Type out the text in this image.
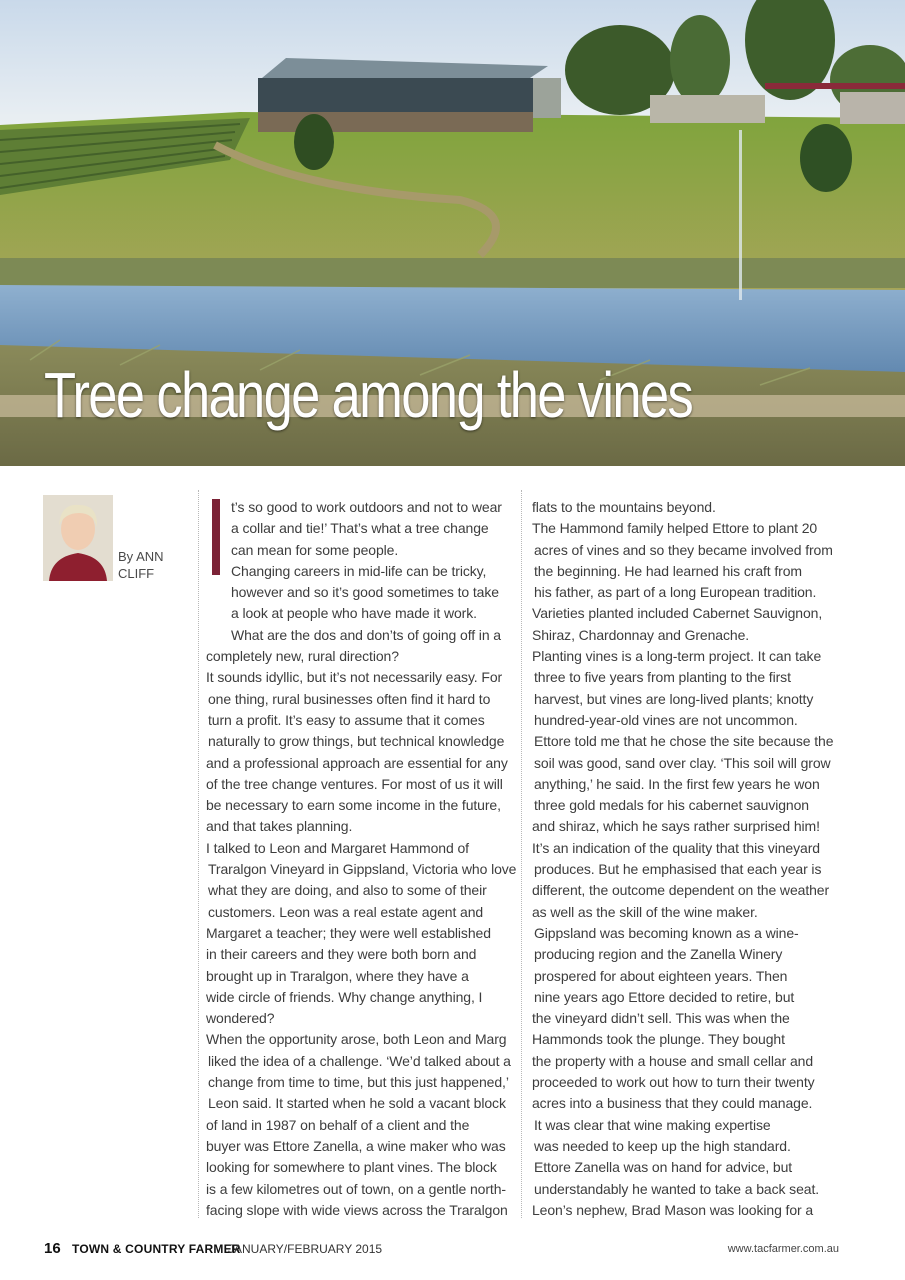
Tree change among the vines
By ANN
CLIFF

t’s so good to work outdoors and not to wear

a collar and tie!’ That’s what a tree change

can mean for some people.

Changing careers in mid-life can be tricky,

however and so it’s good sometimes to take

a look at people who have made it work.

What are the dos and don’ts of going off in a

completely new, rural direction?

It sounds idyllic, but it’s not necessarily easy. For

one thing, rural businesses often find it hard to

turn a profit. It’s easy to assume that it comes

naturally to grow things, but technical knowledge

and a professional approach are essential for any

of the tree change ventures. For most of us it will

be necessary to earn some income in the future,

and that takes planning.

I talked to Leon and Margaret Hammond of

Traralgon Vineyard in Gippsland, Victoria who love

what they are doing, and also to some of their

customers. Leon was a real estate agent and

Margaret a teacher; they were well established

in their careers and they were both born and

brought up in Traralgon, where they have a

wide circle of friends. Why change anything, I

wondered?

When the opportunity arose, both Leon and Marg

liked the idea of a challenge. ‘We’d talked about a

change from time to time, but this just happened,’

Leon said. It started when he sold a vacant block

of land in 1987 on behalf of a client and the

buyer was Ettore Zanella, a wine maker who was

looking for somewhere to plant vines. The block

is a few kilometres out of town, on a gentle north-

facing slope with wide views across the Traralgon

flats to the mountains beyond.

The Hammond family helped Ettore to plant 20

acres of vines and so they became involved from

the beginning. He had learned his craft from

his father, as part of a long European tradition.

Varieties planted included Cabernet Sauvignon,

Shiraz, Chardonnay and Grenache.

Planting vines is a long-term project. It can take

three to five years from planting to the first

harvest, but vines are long-lived plants; knotty

hundred-year-old vines are not uncommon.

Ettore told me that he chose the site because the

soil was good, sand over clay. ‘This soil will grow

anything,’ he said. In the first few years he won

three gold medals for his cabernet sauvignon

and shiraz, which he says rather surprised him!

It’s an indication of the quality that this vineyard

produces. But he emphasised that each year is

different, the outcome dependent on the weather

as well as the skill of the wine maker.

Gippsland was becoming known as a wine-

producing region and the Zanella Winery

prospered for about eighteen years. Then

nine years ago Ettore decided to retire, but

the vineyard didn’t sell. This was when the

Hammonds took the plunge. They bought

the property with a house and small cellar and

proceeded to work out how to turn their twenty

acres into a business that they could manage.

It was clear that wine making expertise

was needed to keep up the high standard.

Ettore Zanella was on hand for advice, but

understandably he wanted to take a back seat.

Leon’s nephew, Brad Mason was looking for a

16 TOWN & COUNTRY FARMER
JANUARY/FEBRUARY 2015	www.tacfarmer.com.au
